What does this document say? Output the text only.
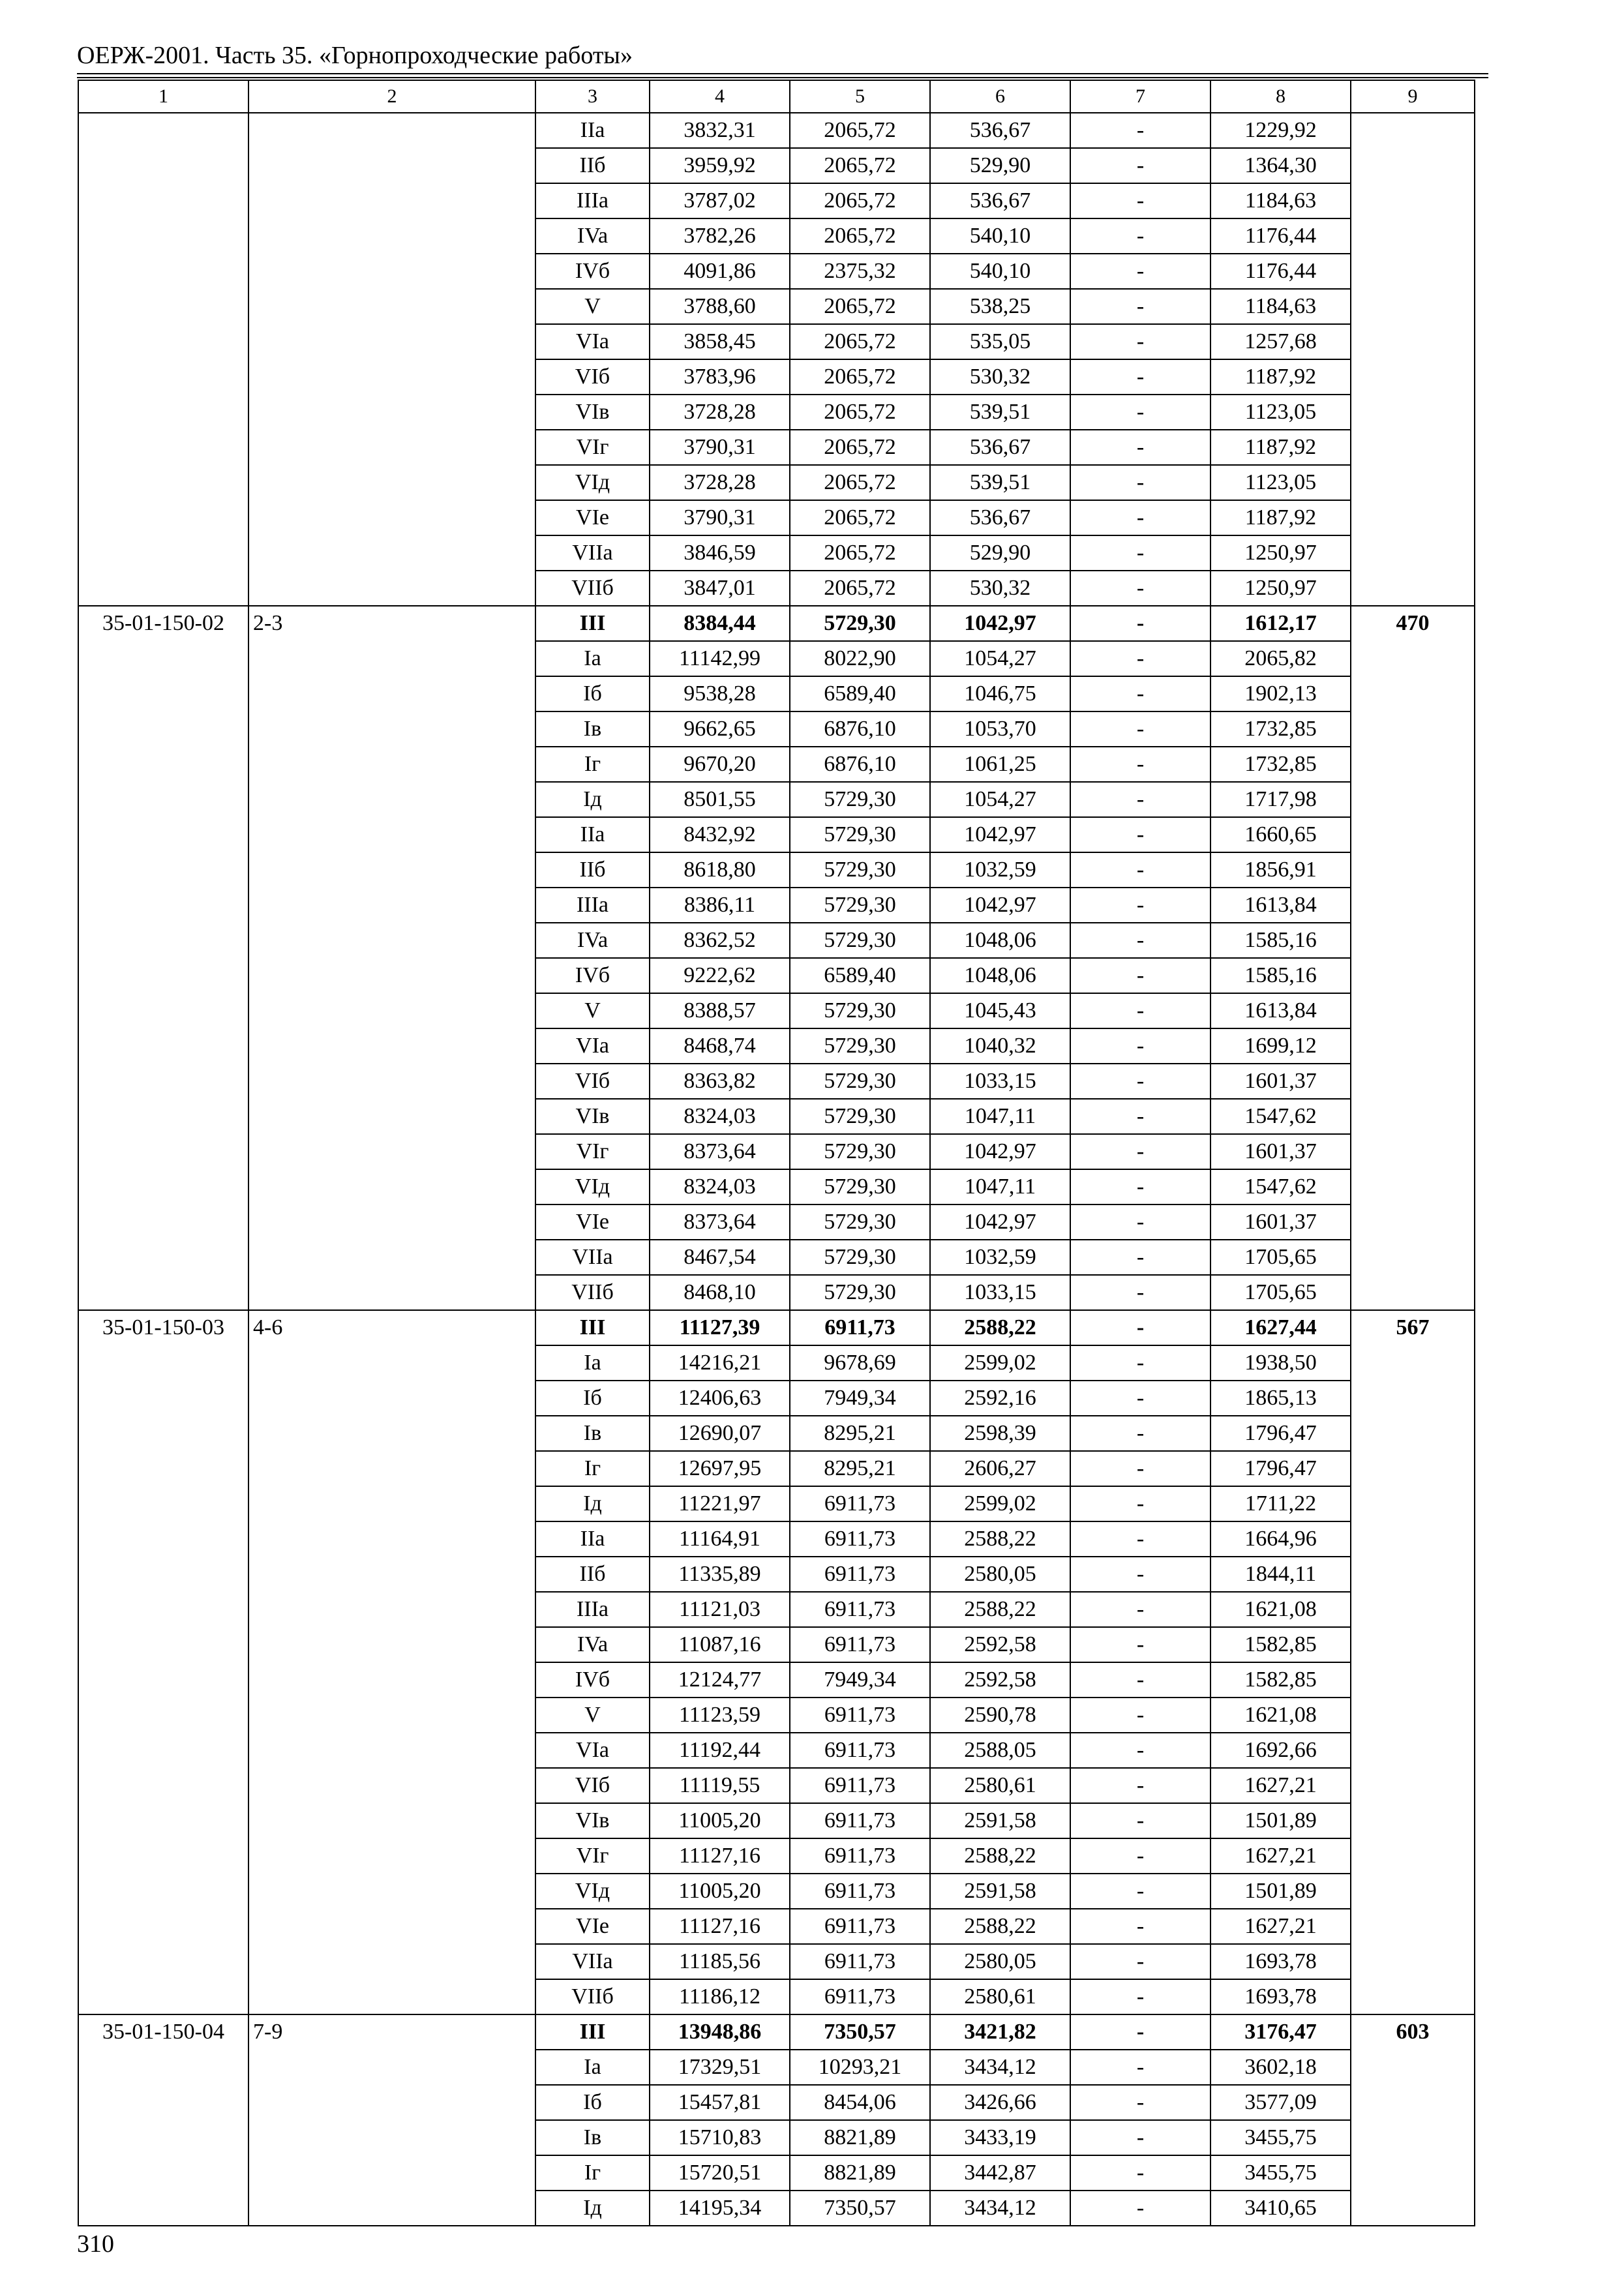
ОЕРЖ-2001. Часть 35. «Горнопроходческие работы»
1	2	3	4	5	6	7	8	9
		IIa	3832,31	2065,72	536,67	-	1229,92	
		IIб	3959,92	2065,72	529,90	-	1364,30	
		IIIa	3787,02	2065,72	536,67	-	1184,63	
		IVa	3782,26	2065,72	540,10	-	1176,44	
		IVб	4091,86	2375,32	540,10	-	1176,44	
		V	3788,60	2065,72	538,25	-	1184,63	
		VIa	3858,45	2065,72	535,05	-	1257,68	
		VIб	3783,96	2065,72	530,32	-	1187,92	
		VIв	3728,28	2065,72	539,51	-	1123,05	
		VIг	3790,31	2065,72	536,67	-	1187,92	
		VIд	3728,28	2065,72	539,51	-	1123,05	
		VIe	3790,31	2065,72	536,67	-	1187,92	
		VIIa	3846,59	2065,72	529,90	-	1250,97	
		VIIб	3847,01	2065,72	530,32	-	1250,97	
35-01-150-02	2-3	III	8384,44	5729,30	1042,97	-	1612,17	470
		Ia	11142,99	8022,90	1054,27	-	2065,82	
		Iб	9538,28	6589,40	1046,75	-	1902,13	
		Iв	9662,65	6876,10	1053,70	-	1732,85	
		Iг	9670,20	6876,10	1061,25	-	1732,85	
		Iд	8501,55	5729,30	1054,27	-	1717,98	
		IIa	8432,92	5729,30	1042,97	-	1660,65	
		IIб	8618,80	5729,30	1032,59	-	1856,91	
		IIIa	8386,11	5729,30	1042,97	-	1613,84	
		IVa	8362,52	5729,30	1048,06	-	1585,16	
		IVб	9222,62	6589,40	1048,06	-	1585,16	
		V	8388,57	5729,30	1045,43	-	1613,84	
		VIa	8468,74	5729,30	1040,32	-	1699,12	
		VIб	8363,82	5729,30	1033,15	-	1601,37	
		VIв	8324,03	5729,30	1047,11	-	1547,62	
		VIг	8373,64	5729,30	1042,97	-	1601,37	
		VIд	8324,03	5729,30	1047,11	-	1547,62	
		VIe	8373,64	5729,30	1042,97	-	1601,37	
		VIIa	8467,54	5729,30	1032,59	-	1705,65	
		VIIб	8468,10	5729,30	1033,15	-	1705,65	
35-01-150-03	4-6	III	11127,39	6911,73	2588,22	-	1627,44	567
		Ia	14216,21	9678,69	2599,02	-	1938,50	
		Iб	12406,63	7949,34	2592,16	-	1865,13	
		Iв	12690,07	8295,21	2598,39	-	1796,47	
		Iг	12697,95	8295,21	2606,27	-	1796,47	
		Iд	11221,97	6911,73	2599,02	-	1711,22	
		IIa	11164,91	6911,73	2588,22	-	1664,96	
		IIб	11335,89	6911,73	2580,05	-	1844,11	
		IIIa	11121,03	6911,73	2588,22	-	1621,08	
		IVa	11087,16	6911,73	2592,58	-	1582,85	
		IVб	12124,77	7949,34	2592,58	-	1582,85	
		V	11123,59	6911,73	2590,78	-	1621,08	
		VIa	11192,44	6911,73	2588,05	-	1692,66	
		VIб	11119,55	6911,73	2580,61	-	1627,21	
		VIв	11005,20	6911,73	2591,58	-	1501,89	
		VIг	11127,16	6911,73	2588,22	-	1627,21	
		VIд	11005,20	6911,73	2591,58	-	1501,89	
		VIe	11127,16	6911,73	2588,22	-	1627,21	
		VIIa	11185,56	6911,73	2580,05	-	1693,78	
		VIIб	11186,12	6911,73	2580,61	-	1693,78	
35-01-150-04	7-9	III	13948,86	7350,57	3421,82	-	3176,47	603
		Ia	17329,51	10293,21	3434,12	-	3602,18	
		Iб	15457,81	8454,06	3426,66	-	3577,09	
		Iв	15710,83	8821,89	3433,19	-	3455,75	
		Iг	15720,51	8821,89	3442,87	-	3455,75	
		Iд	14195,34	7350,57	3434,12	-	3410,65	
310
